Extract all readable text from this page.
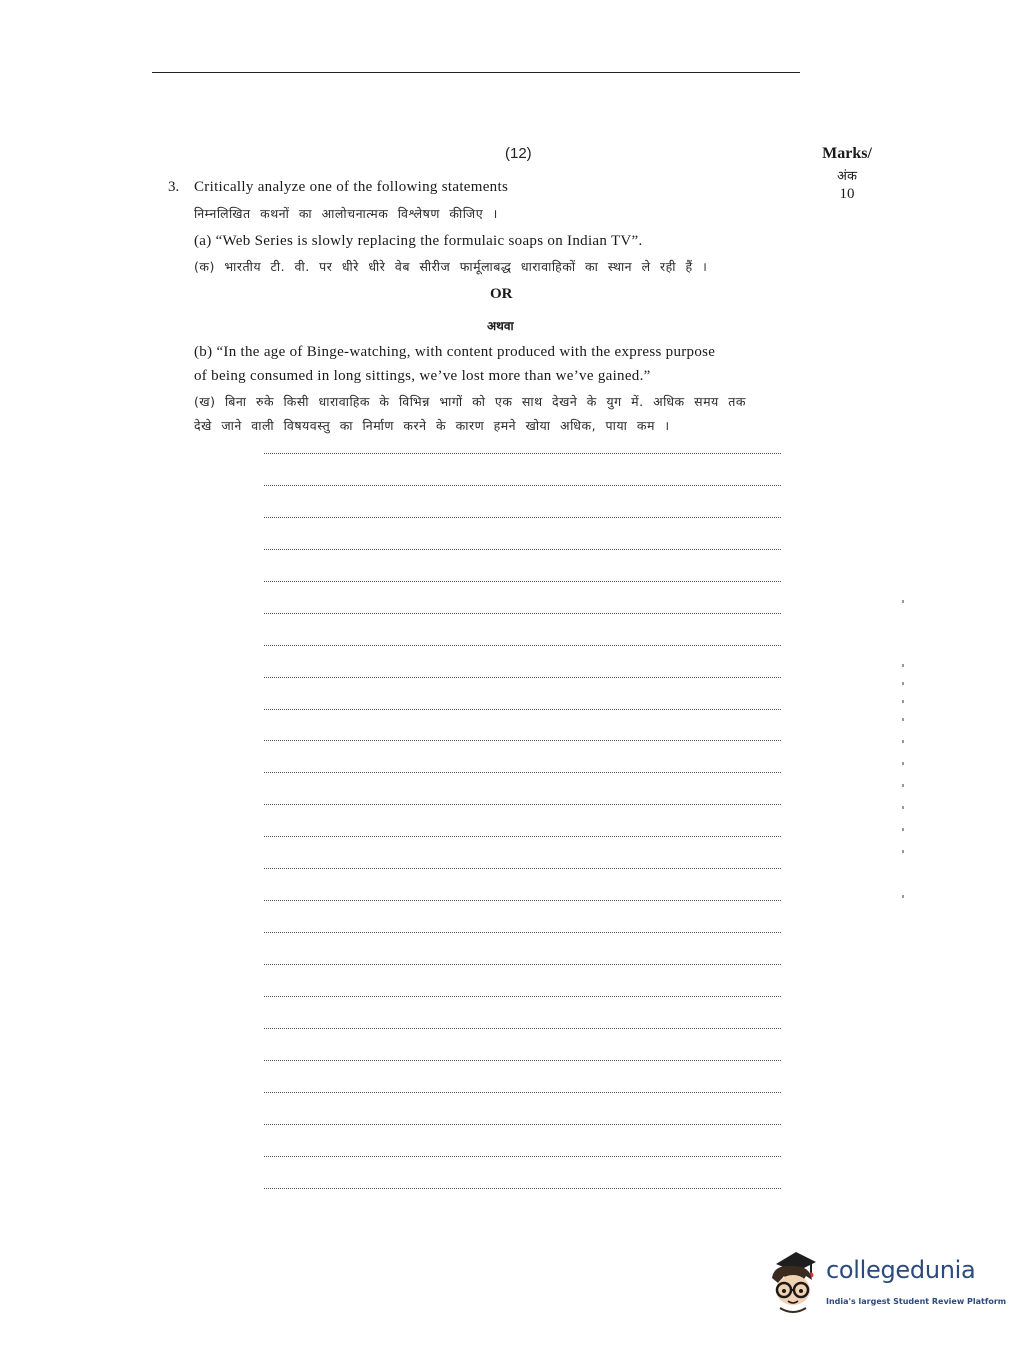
(12)	Marks/
अंक
10
3. Critically analyze one of the following statements
निम्नलिखित कथनों का आलोचनात्मक विश्लेषण कीजिए ।
(a) “Web Series is slowly replacing the formulaic soaps on Indian TV”.
(क) भारतीय टी. वी. पर धीरे धीरे वेब सीरीज फार्मूलाबद्ध धारावाहिकों का स्थान ले रही हैं ।
OR
अथवा
(b) “In the age of Binge-watching, with content produced with the express purpose
of being consumed in long sittings, we’ve lost more than we’ve gained.”
(ख) बिना रुके किसी धारावाहिक के विभिन्न भागों को एक साथ देखने के युग में. अधिक समय तक
देखे जाने वाली विषयवस्तु का निर्माण करने के कारण हमने खोया अधिक, पाया कम ।
collegedunia
India's largest Student Review Platform
